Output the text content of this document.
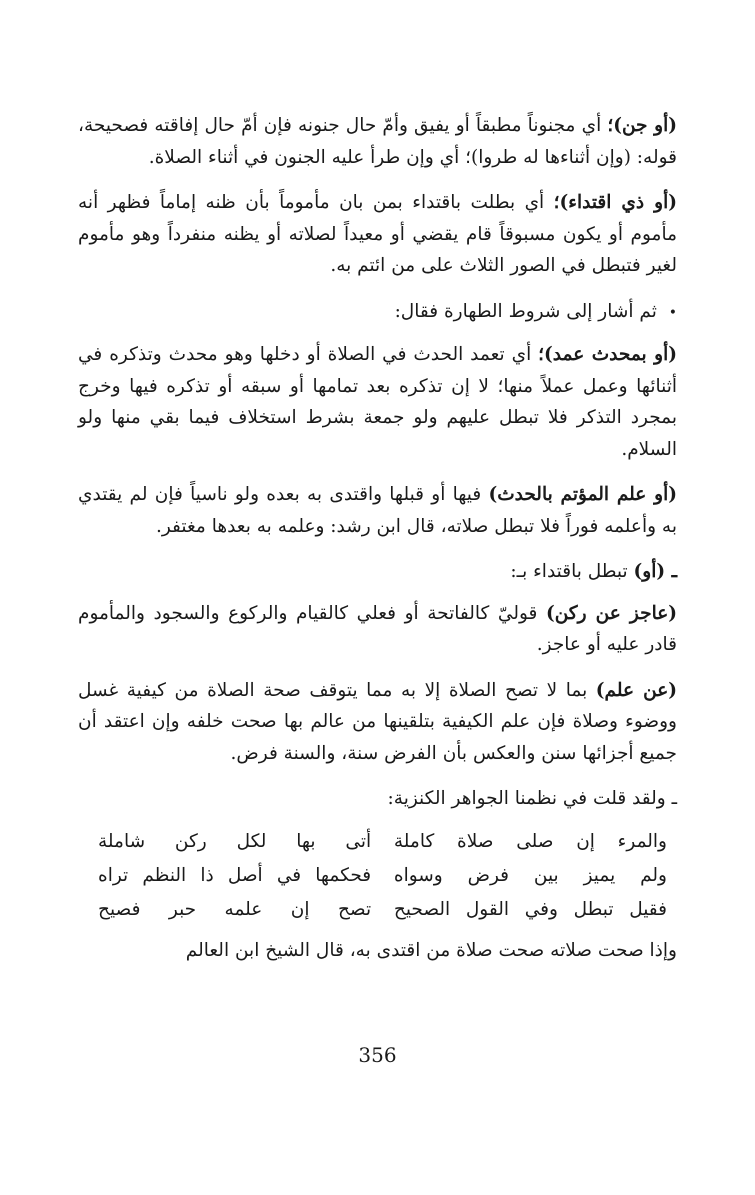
(أو جن)؛ أي مجنوناً مطبقاً أو يفيق وأمّ حال جنونه فإن أمّ حال إفاقته فصحيحة، قوله: (وإن أثناءها له طروا)؛ أي وإن طرأ عليه الجنون في أثناء الصلاة.

(أو ذي اقتداء)؛ أي بطلت باقتداء بمن بان مأموماً بأن ظنه إماماً فظهر أنه مأموم أو يكون مسبوقاً قام يقضي أو معيداً لصلاته أو يظنه منفرداً وهو مأموم لغير فتبطل في الصور الثلاث على من ائتم به.

• ثم أشار إلى شروط الطهارة فقال:

(أو بمحدث عمد)؛ أي تعمد الحدث في الصلاة أو دخلها وهو محدث وتذكره في أثنائها وعمل عملاً منها؛ لا إن تذكره بعد تمامها أو سبقه أو تذكره فيها وخرج بمجرد التذكر فلا تبطل عليهم ولو جمعة بشرط استخلاف فيما بقي منها ولو السلام.

(أو علم المؤتم بالحدث) فيها أو قبلها واقتدى به بعده ولو ناسياً فإن لم يقتدي به وأعلمه فوراً فلا تبطل صلاته، قال ابن رشد: وعلمه به بعدها مغتفر.

ـ (أو) تبطل باقتداء بـ:

(عاجز عن ركن) قوليّ كالفاتحة أو فعلي كالقيام والركوع والسجود والمأموم قادر عليه أو عاجز.

(عن علم) بما لا تصح الصلاة إلا به مما يتوقف صحة الصلاة من كيفية غسل ووضوء وصلاة فإن علم الكيفية بتلقينها من عالم بها صحت خلفه وإن اعتقد أن جميع أجزائها سنن والعكس بأن الفرض سنة، والسنة فرض.

ـ ولقد قلت في نظمنا الجواهر الكنزية:

والمرء إن صلى صلاة كاملة
أتى بها لكل ركن شاملة
ولم يميز بين فرض وسواه
فحكمها في أصل ذا النظم تراه
فقيل تبطل وفي القول الصحيح
تصح إن علمه حبر فصيح

وإذا صحت صلاته صحت صلاة من اقتدى به، قال الشيخ ابن العالم

356
